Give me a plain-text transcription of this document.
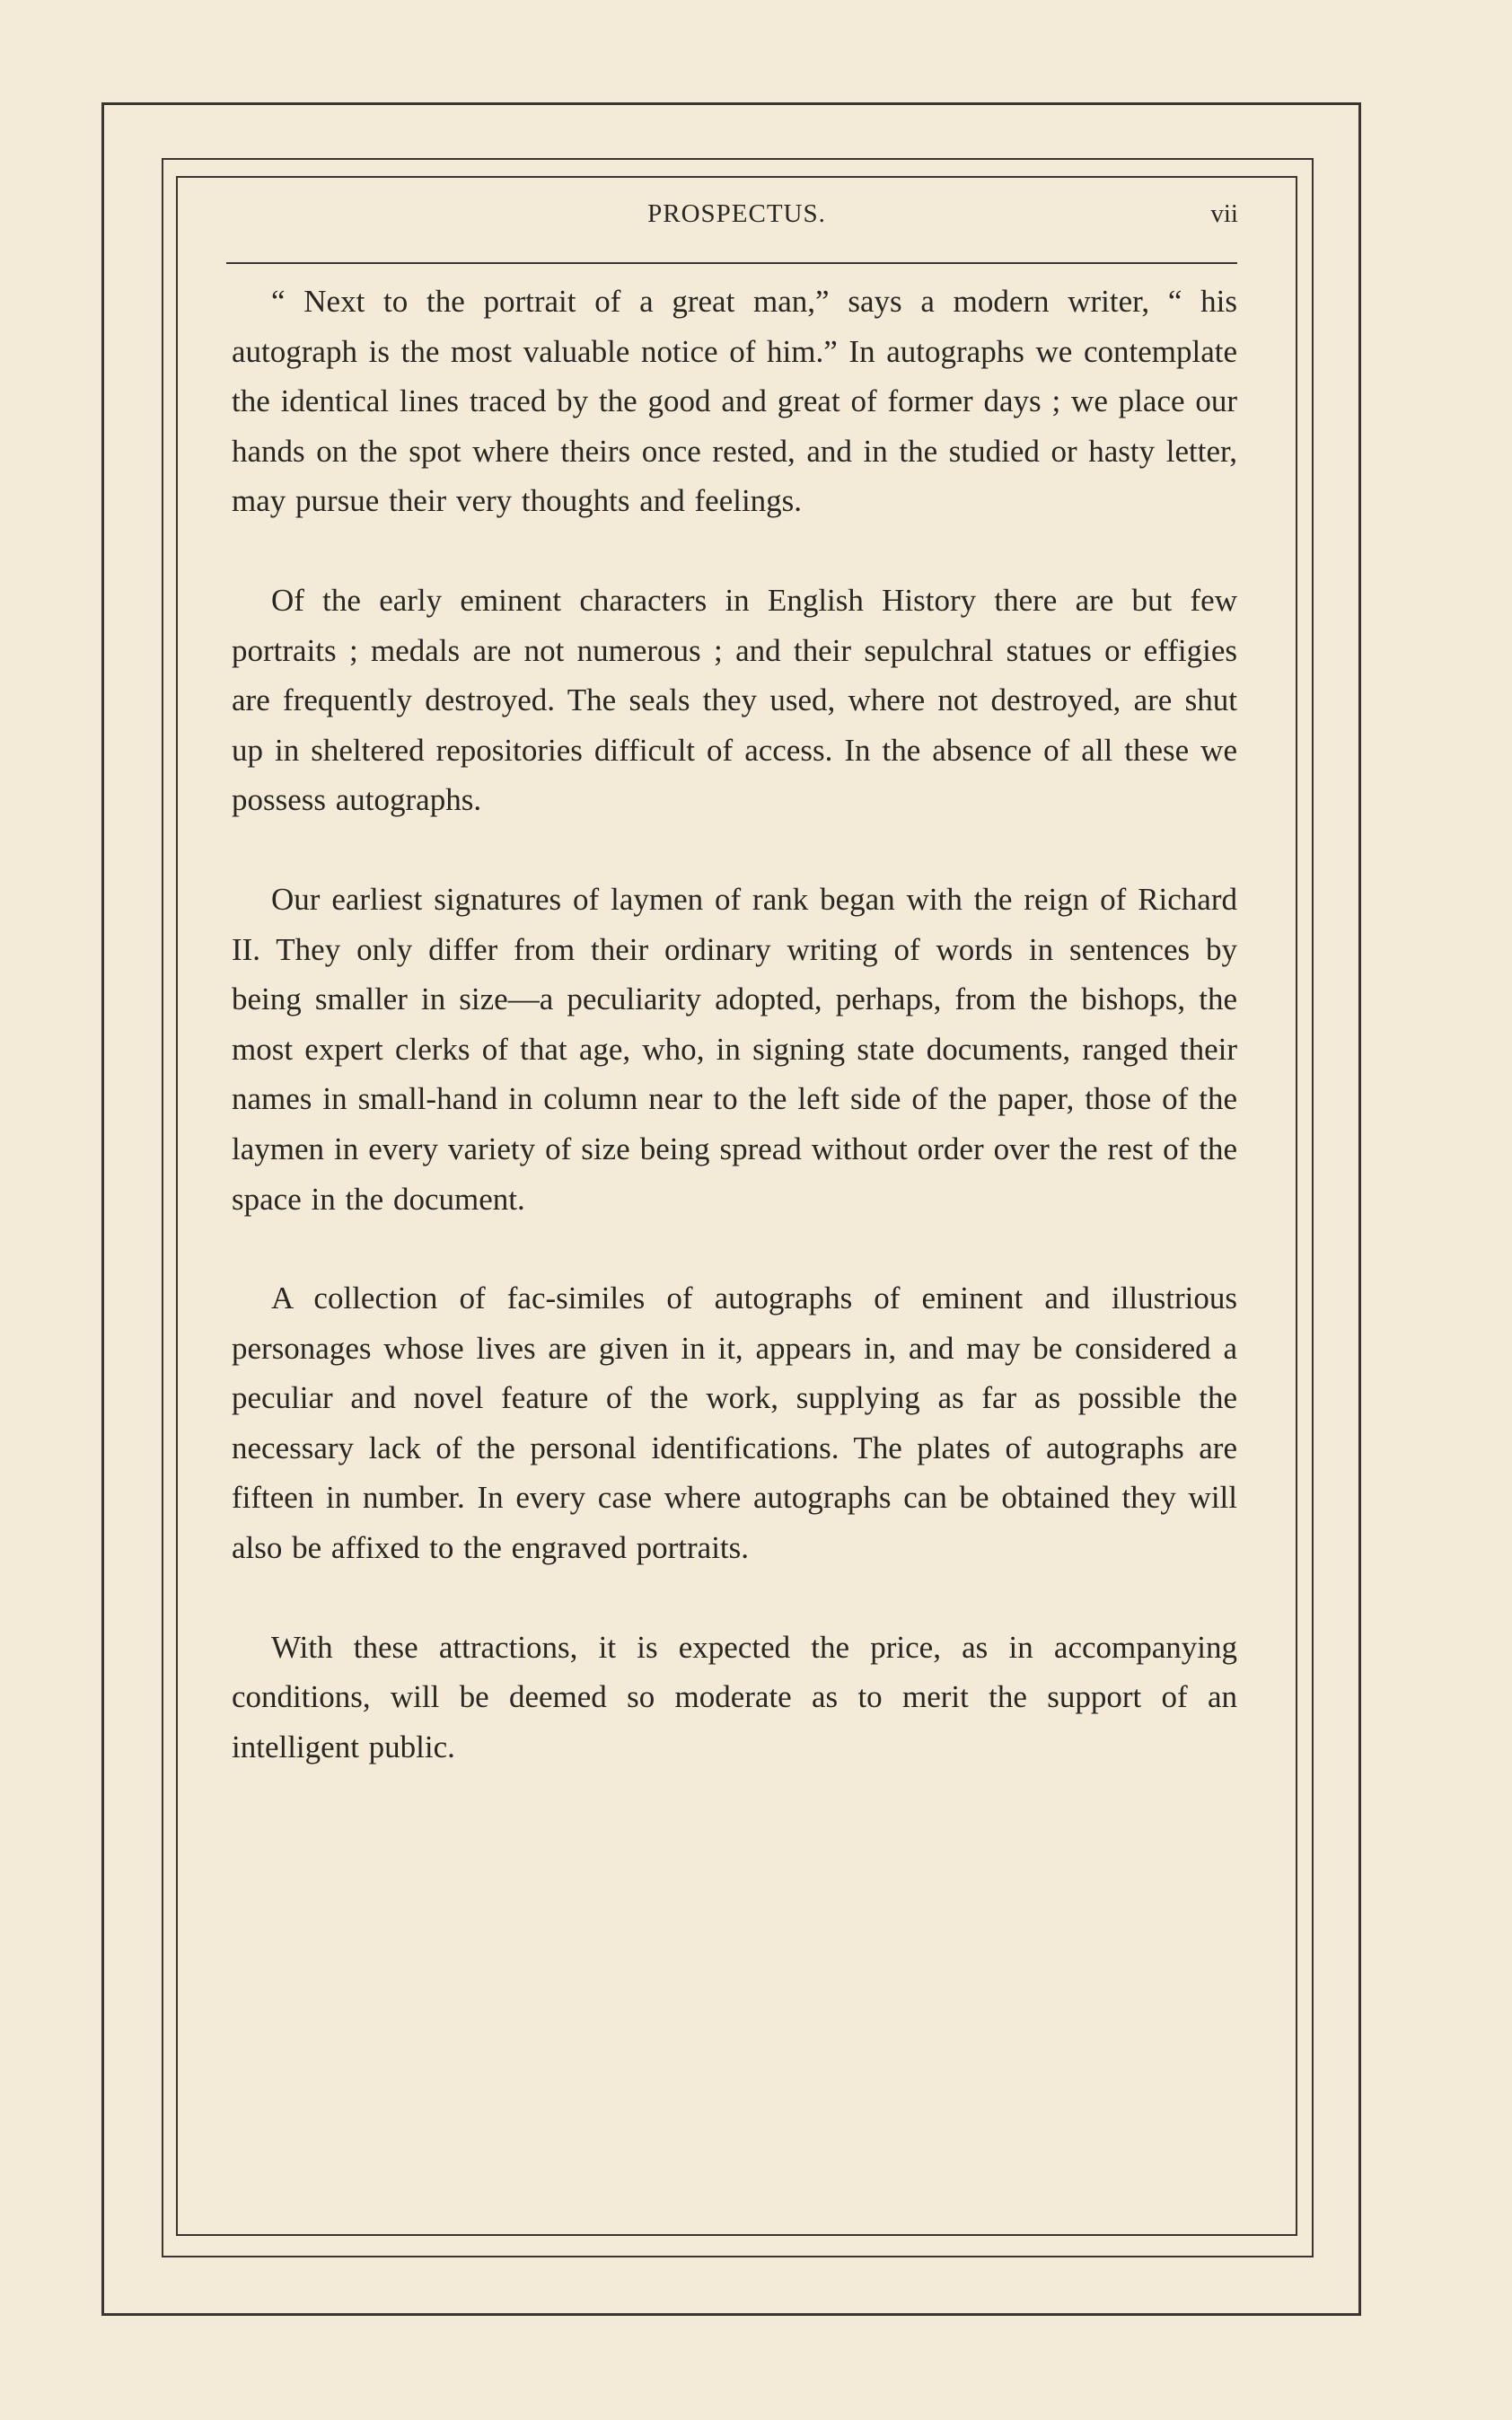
PROSPECTUS.	vii

“ Next to the portrait of a great man,” says a modern writer, “ his autograph is the most valuable notice of him.” In autographs we contemplate the identical lines traced by the good and great of former days ; we place our hands on the spot where theirs once rested, and in the studied or hasty letter, may pursue their very thoughts and feelings.

Of the early eminent characters in English History there are but few portraits ; medals are not numerous ; and their sepulchral statues or effigies are frequently destroyed. The seals they used, where not destroyed, are shut up in sheltered repositories difficult of access. In the absence of all these we possess autographs.

Our earliest signatures of laymen of rank began with the reign of Richard II. They only differ from their ordinary writing of words in sentences by being smaller in size—a peculiarity adopted, perhaps, from the bishops, the most expert clerks of that age, who, in signing state documents, ranged their names in small-hand in column near to the left side of the paper, those of the laymen in every variety of size being spread without order over the rest of the space in the document.

A collection of fac-similes of autographs of eminent and illustrious personages whose lives are given in it, appears in, and may be considered a peculiar and novel feature of the work, supplying as far as possible the necessary lack of the personal identifications. The plates of autographs are fifteen in number. In every case where autographs can be obtained they will also be affixed to the engraved portraits.

With these attractions, it is expected the price, as in accompanying conditions, will be deemed so moderate as to merit the support of an intelligent public.
